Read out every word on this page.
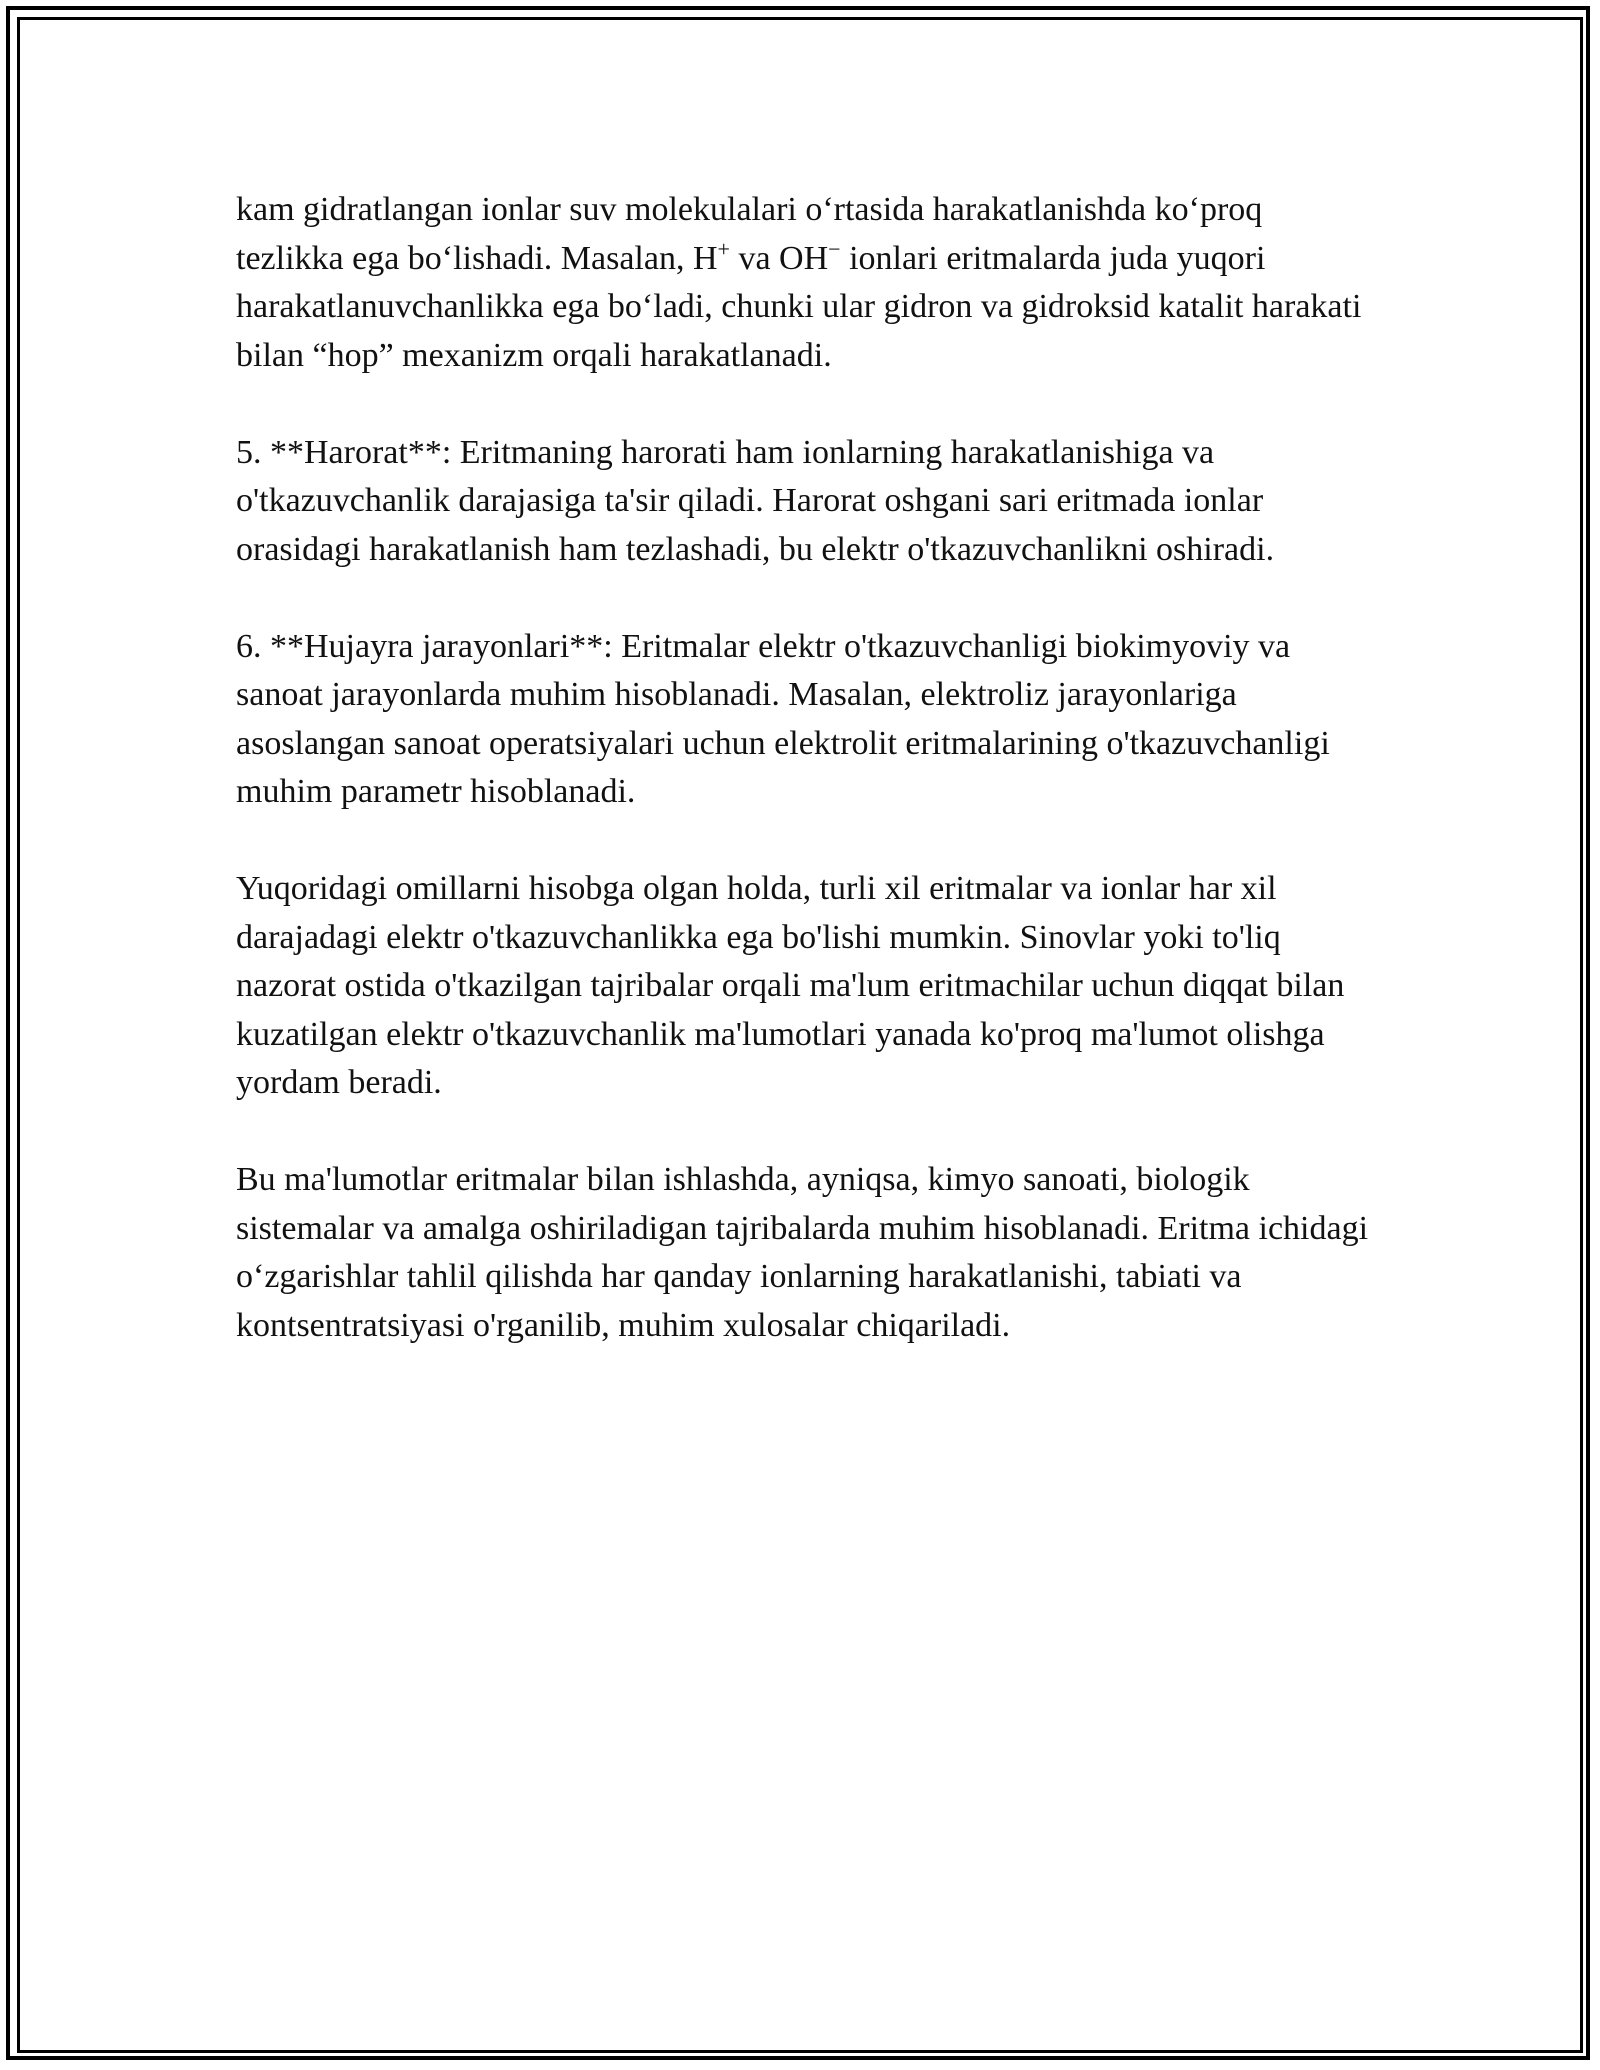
kam gidratlangan ionlar suv molekulalari o‘rtasida harakatlanishda ko‘proq tezlikka ega bo‘lishadi. Masalan, H+ va OH− ionlari eritmalarda juda yuqori harakatlanuvchanlikka ega bo‘ladi, chunki ular gidron va gidroksid katalit harakati bilan “hop” mexanizm orqali harakatlanadi.

5. **Harorat**: Eritmaning harorati ham ionlarning harakatlanishiga va o'tkazuvchanlik darajasiga ta'sir qiladi. Harorat oshgani sari eritmada ionlar orasidagi harakatlanish ham tezlashadi, bu elektr o'tkazuvchanlikni oshiradi.

6. **Hujayra jarayonlari**: Eritmalar elektr o'tkazuvchanligi biokimyoviy va sanoat jarayonlarda muhim hisoblanadi. Masalan, elektroliz jarayonlariga asoslangan sanoat operatsiyalari uchun elektrolit eritmalarining o'tkazuvchanligi muhim parametr hisoblanadi.

Yuqoridagi omillarni hisobga olgan holda, turli xil eritmalar va ionlar har xil darajadagi elektr o'tkazuvchanlikka ega bo'lishi mumkin. Sinovlar yoki to'liq nazorat ostida o'tkazilgan tajribalar orqali ma'lum eritmachilar uchun diqqat bilan kuzatilgan elektr o'tkazuvchanlik ma'lumotlari yanada ko'proq ma'lumot olishga yordam beradi.

Bu ma'lumotlar eritmalar bilan ishlashda, ayniqsa, kimyo sanoati, biologik sistemalar va amalga oshiriladigan tajribalarda muhim hisoblanadi. Eritma ichidagi o‘zgarishlar tahlil qilishda har qanday ionlarning harakatlanishi, tabiati va kontsentratsiyasi o'rganilib, muhim xulosalar chiqariladi.
